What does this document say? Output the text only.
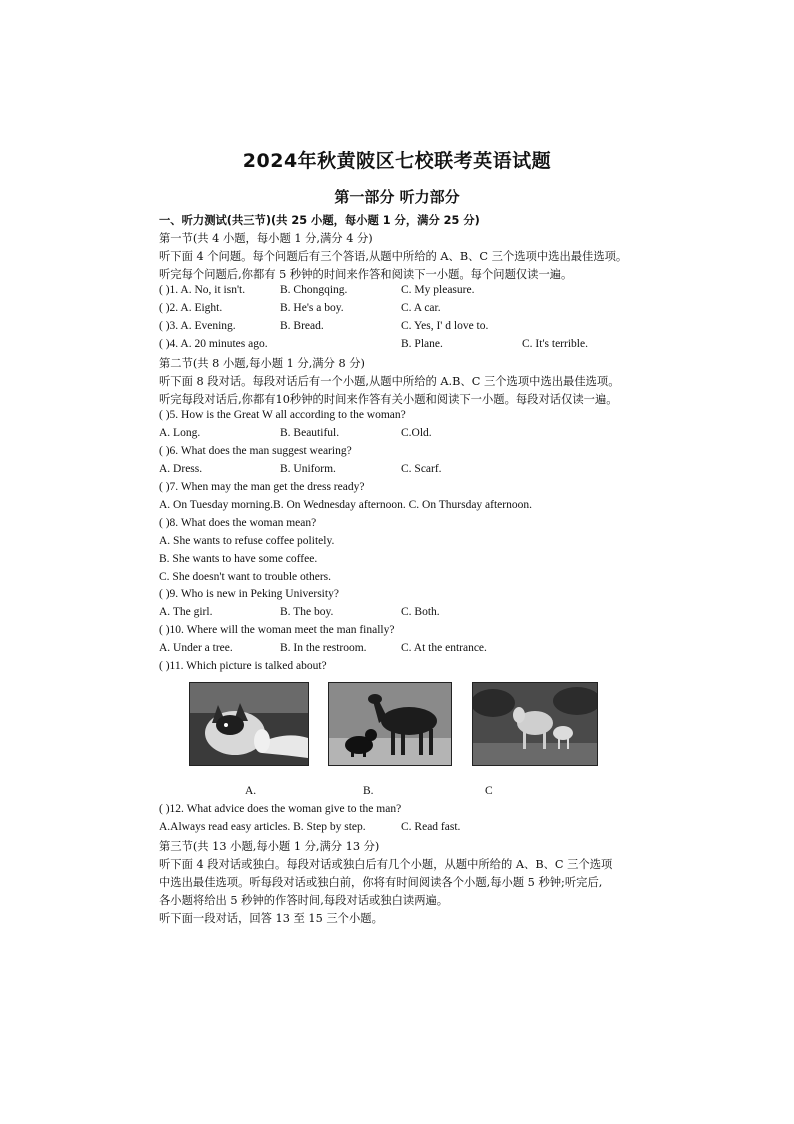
2024年秋黄陂区七校联考英语试题
第一部分 听力部分
一、听力测试(共三节)(共 25 小题，每小题 1 分，满分 25 分)
第一节(共 4 小题，每小题 1 分,满分 4 分)
听下面 4 个问题。每个问题后有三个答语,从题中所给的 A、B、C 三个选项中选出最佳选项。
听完每个问题后,你都有 5 秒钟的时间来作答和阅读下一小题。每个问题仅读一遍。
( )1. A. No, it isn't.	B. Chongqing.	C. My pleasure.
( )2. A. Eight.	B. He's a boy.	C. A car.
( )3. A. Evening.	B. Bread.	C. Yes, I' d love to.
( )4. A. 20 minutes ago.	B. Plane.	C. It's terrible.
第二节(共 8 小题,每小题 1 分,满分 8 分)
听下面 8 段对话。每段对话后有一个小题,从题中所给的 A.B、C 三个选项中选出最佳选项。
听完每段对话后,你都有10秒钟的时间来作答有关小题和阅读下一小题。每段对话仅读一遍。
( )5. How is the Great W all according to the woman?
A. Long.	B. Beautiful.	C.Old.
( )6. What does the man suggest wearing?
A. Dress.	B. Uniform.	C. Scarf.
( )7. When may the man get the dress ready?
A. On Tuesday morning.B. On Wednesday afternoon. C. On Thursday afternoon.
( )8. What does the woman mean?
A. She wants to refuse coffee politely.
B. She wants to have some coffee.
C. She doesn't want to trouble others.
( )9. Who is new in Peking University?
A. The girl.	B. The boy.	C. Both.
( )10. Where will the woman meet the man finally?
A. Under a tree.	B. In the restroom.	C. At the entrance.
( )11. Which picture is talked about?
A.	B.	C
( )12. What advice does the woman give to the man?
A.Always read easy articles. B. Step by step.	C. Read fast.
第三节(共 13 小题,每小题 1 分,满分 13 分)
听下面 4 段对话或独白。每段对话或独白后有几个小题，从题中所给的 A、B、C 三个选项
中选出最佳选项。听每段对话或独白前，你将有时间阅读各个小题,每小题 5 秒钟;听完后,
各小题将给出 5 秒钟的作答时间,每段对话或独白读两遍。
听下面一段对话，回答 13 至 15 三个小题。
